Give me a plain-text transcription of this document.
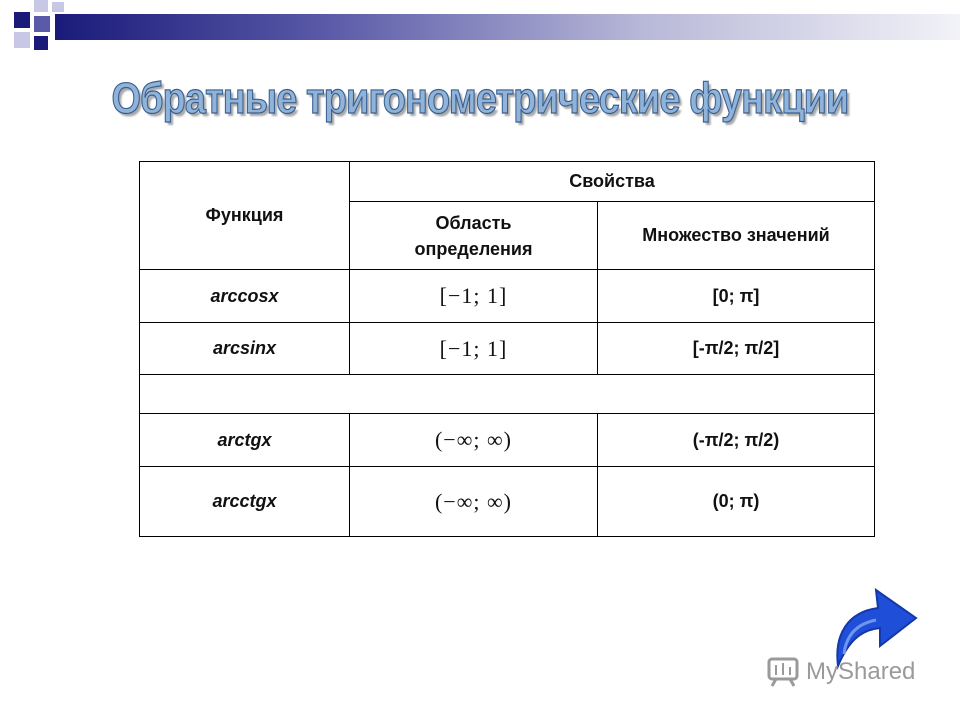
Обратные тригонометрические функции
Функция	Свойства	
	Область определения	Множество значений
arccosx	[−1; 1]	[0; π]
arcsinx	[−1; 1]	[-π/2; π/2]

arctgx	(−∞; ∞)	(-π/2; π/2)
arcctgx	(−∞; ∞)	(0; π)
MyShared
